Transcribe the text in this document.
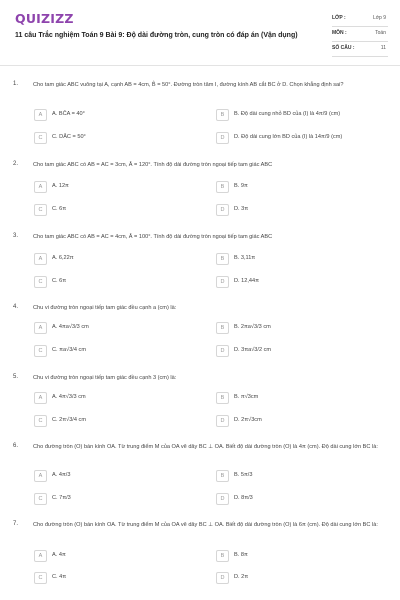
QUIZIZZ
11 câu Trắc nghiệm Toán 9 Bài 9: Độ dài đường tròn, cung tròn có đáp án (Vận dụng)
LỚP :	Lớp 9
MÔN :	Toán
SỐ CÂU :	11
1.	Cho tam giác ABC vuông tại A, cạnh AB = 4cm, B̂ = 50°. Đường tròn tâm I, đường kính AB cắt BC ở D. Chọn khẳng định sai?
A	A. BĈA = 40°	B	B. Độ dài cung nhỏ BD của (I) là 4π/9 (cm)
C	C. DÂC = 50°	D	D. Độ dài cung lớn BD của (I) là 14π/9 (cm)
2.	Cho tam giác ABC có AB = AC = 3cm, Â = 120°. Tính độ dài đường tròn ngoại tiếp tam giác ABC
A	A. 12π	B	B. 9π
C	C. 6π	D	D. 3π
3.	Cho tam giác ABC có AB = AC = 4cm, Â = 100°. Tính độ dài đường tròn ngoại tiếp tam giác ABC
A	A. 6,22π	B	B. 3,11π
C	C. 6π	D	D. 12,44π
4.	Chu vi đường tròn ngoại tiếp tam giác đều cạnh a (cm) là:
A	A. 4πa√3/3 cm	B	B. 2πa√3/3 cm
C	C. πa√3/4 cm	D	D. 3πa√3/2 cm
5.	Chu vi đường tròn ngoại tiếp tam giác đều cạnh 3 (cm) là:
A	A. 4π√3/3 cm	B	B. π√3cm
C	C. 2π√3/4 cm	D	D. 2π√3cm
6.	Cho đường tròn (O) bán kính OA. Từ trung điểm M của OA vẽ dây BC ⊥ OA. Biết độ dài đường tròn (O) là 4π (cm). Độ dài cung lớn BC là:
A	A. 4π/3	B	B. 5π/3
C	C. 7π/3	D	D. 8π/3
7.	Cho đường tròn (O) bán kính OA. Từ trung điểm M của OA vẽ dây BC ⊥ OA. Biết độ dài đường tròn (O) là 6π (cm). Độ dài cung lớn BC là:
A	A. 4π	B	B. 8π
C	C. 4π	D	D. 2π
